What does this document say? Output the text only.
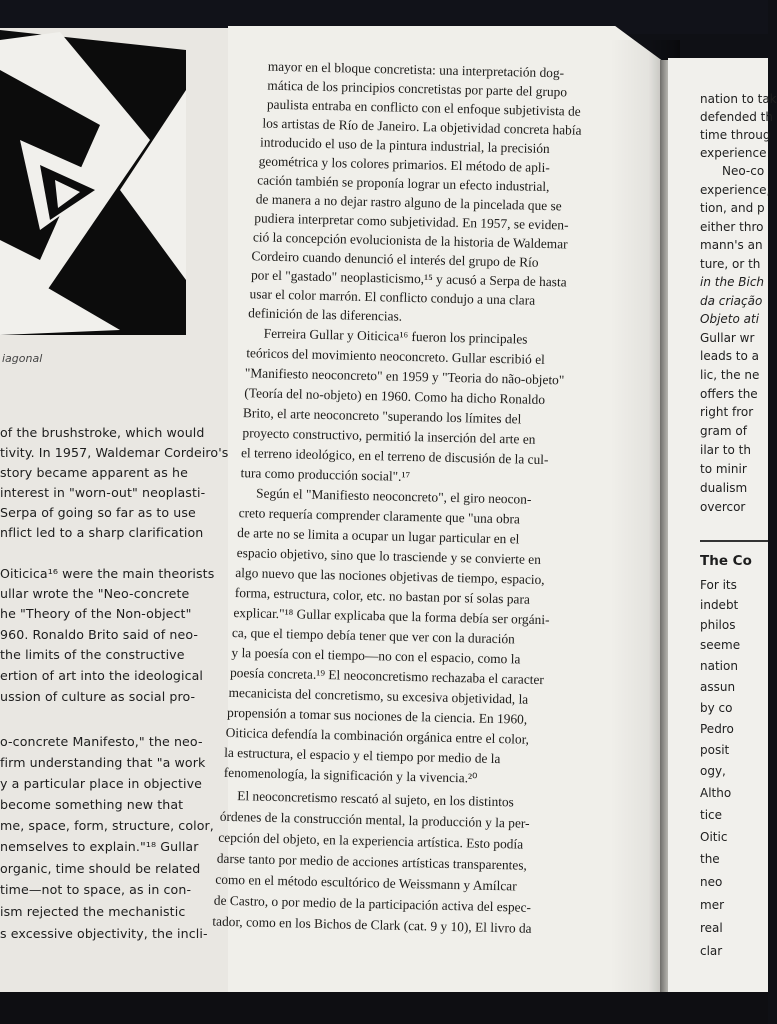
iagonal
of the brushstroke, which would
tivity. In 1957, Waldemar Cordeiro's
story became apparent as he
interest in "worn-out" neoplasti-
Serpa of going so far as to use
nflict led to a sharp clarification
Oiticica¹⁶ were the main theorists
ullar wrote the "Neo-concrete
he "Theory of the Non-object"
960. Ronaldo Brito said of neo-
the limits of the constructive
ertion of art into the ideological
ussion of culture as social pro-
o-concrete Manifesto," the neo-
firm understanding that "a work
y a particular place in objective
become something new that
me, space, form, structure, color,
nemselves to explain."¹⁸ Gullar
organic, time should be related
time—not to space, as in con-
ism rejected the mechanistic
s excessive objectivity, the incli-
mayor en el bloque concretista: una interpretación dog-
mática de los principios concretistas por parte del grupo
paulista entraba en conflicto con el enfoque subjetivista de
los artistas de Río de Janeiro. La objetividad concreta había
introducido el uso de la pintura industrial, la precisión
geométrica y los colores primarios. El método de apli-
cación también se proponía lograr un efecto industrial,
de manera a no dejar rastro alguno de la pincelada que se
pudiera interpretar como subjetividad. En 1957, se eviden-
ció la concepción evolucionista de la historia de Waldemar
Cordeiro cuando denunció el interés del grupo de Río
por el "gastado" neoplasticismo,¹⁵ y acusó a Serpa de hasta
usar el color marrón. El conflicto condujo a una clara
definición de las diferencias.
Ferreira Gullar y Oiticica¹⁶ fueron los principales
teóricos del movimiento neoconcreto. Gullar escribió el
"Manifiesto neoconcreto" en 1959 y "Teoria do não-objeto"
(Teoría del no-objeto) en 1960. Como ha dicho Ronaldo
Brito, el arte neoconcreto "superando los límites del
proyecto constructivo, permitió la inserción del arte en
el terreno ideológico, en el terreno de discusión de la cul-
tura como producción social".¹⁷
Según el "Manifiesto neoconcreto", el giro neocon-
creto requería comprender claramente que "una obra
de arte no se limita a ocupar un lugar particular en el
espacio objetivo, sino que lo trasciende y se convierte en
algo nuevo que las nociones objetivas de tiempo, espacio,
forma, estructura, color, etc. no bastan por sí solas para
explicar."¹⁸ Gullar explicaba que la forma debía ser orgáni-
ca, que el tiempo debía tener que ver con la duración
y la poesía con el tiempo—no con el espacio, como la
poesía concreta.¹⁹ El neoconcretismo rechazaba el caracter
mecanicista del concretismo, su excesiva objetividad, la
propensión a tomar sus nociones de la ciencia. En 1960,
Oiticica defendía la combinación orgánica entre el color,
la estructura, el espacio y el tiempo por medio de la
fenomenología, la significación y la vivencia.²⁰
El neoconcretismo rescató al sujeto, en los distintos
órdenes de la construcción mental, la producción y la per-
cepción del objeto, en la experiencia artística. Esto podía
darse tanto por medio de acciones artísticas transparentes,
como en el método escultórico de Weissmann y Amílcar
de Castro, o por medio de la participación activa del espec-
tador, como en los Bichos de Clark (cat. 9 y 10), El livro da
nation to tak
defended th
time throug
experience
Neo-co
experience,
tion, and p
either thro
mann's an
ture, or th
in the Bich
da criação
Objeto ati
Gullar wr
leads to a
lic, the ne
offers the
right fror
gram of
ilar to th
to minir
dualism
overcor
The Co
For its
indebt
philos
seeme
nation
assun
by co
Pedro
posit
ogy,
Altho
tice
Oitic
the
neo
mer
real
clar
